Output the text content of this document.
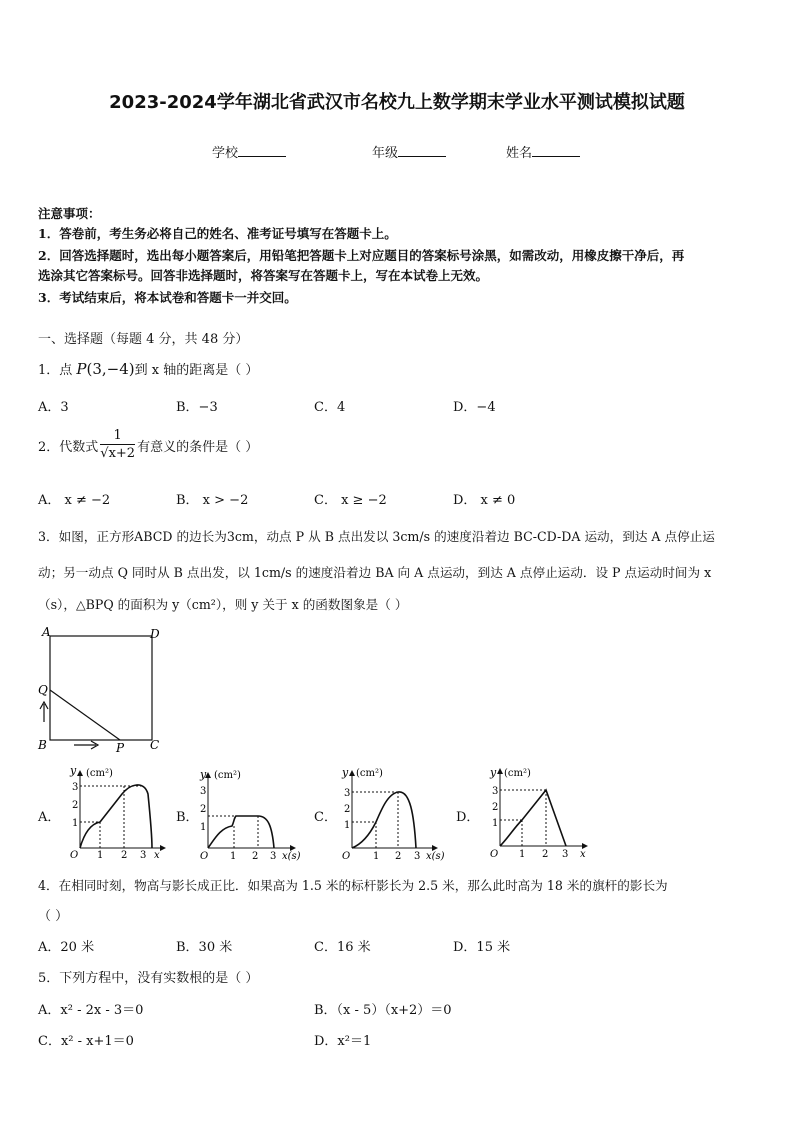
2023-2024学年湖北省武汉市名校九上数学期末学业水平测试模拟试题
学校	年级	姓名
注意事项：
1．答卷前，考生务必将自己的姓名、准考证号填写在答题卡上。
2．回答选择题时，选出每小题答案后，用铅笔把答题卡上对应题目的答案标号涂黑，如需改动，用橡皮擦干净后，再
选涂其它答案标号。回答非选择题时，将答案写在答题卡上，写在本试卷上无效。
3．考试结束后，将本试卷和答题卡一并交回。
一、选择题（每题 4 分，共 48 分）
1．点 P(3,−4)到 x 轴的距离是（ ）
A．3	B．−3	C．4	D．−4
2．代数式 $\frac{1}{√x+2}$ 有意义的条件是（ ）
A． x ≠ −2	B． x > −2	C． x ≥ −2	D． x ≠ 0
3．如图，正方形ABCD 的边长为3cm，动点 P 从 B 点出发以 3cm/s 的速度沿着边 BC-CD-DA 运动，到达 A 点停止运
动；另一动点 Q 同时从 B 点出发，以 1cm/s 的速度沿着边 BA 向 A 点运动，到达 A 点停止运动．设 P 点运动时间为 x
（s），△BPQ 的面积为 y（cm²），则 y 关于 x 的函数图象是（ ）
A	D
Q
B	P C
A．	B．	C．	D．
y (cm²)
3
2
1
O 1 2 3 x
y (cm²)
3
2
1
O 1 2 3 x(s)
y (cm²)
3
2
1
O 1 2 3 x(s)
y (cm²)
3
2
1
O 1 2 3 x
4．在相同时刻，物高与影长成正比．如果高为 1.5 米的标杆影长为 2.5 米，那么此时高为 18 米的旗杆的影长为
（ ）
A．20 米	B．30 米	C．16 米	D．15 米
5．下列方程中，没有实数根的是（ ）
A．x² - 2x - 3＝0	B．（x - 5）（x+2）＝0
C．x² - x+1＝0	D．x²＝1
